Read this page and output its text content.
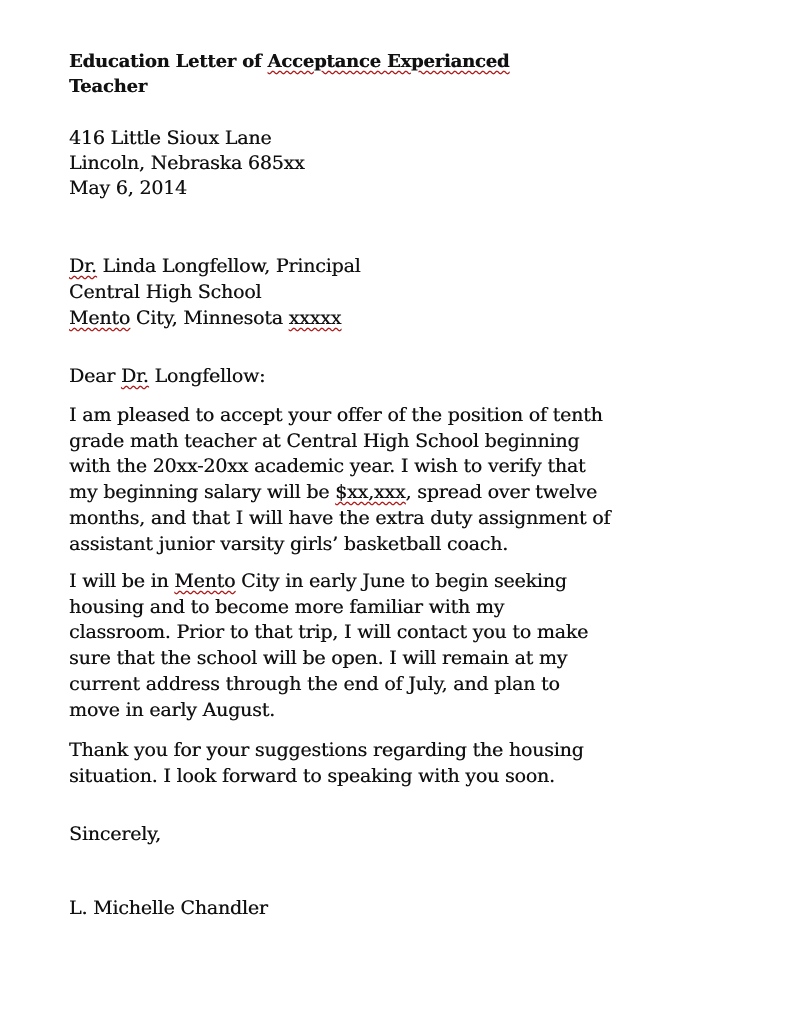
Education Letter of Acceptance Experianced
Teacher
416 Little Sioux Lane
Lincoln, Nebraska 685xx
May 6, 2014
Dr. Linda Longfellow, Principal
Central High School
Mento City, Minnesota xxxxx
Dear Dr. Longfellow:
I am pleased to accept your offer of the position of tenth
grade math teacher at Central High School beginning
with the 20xx-20xx academic year. I wish to verify that
my beginning salary will be $xx,xxx, spread over twelve
months, and that I will have the extra duty assignment of
assistant junior varsity girls’ basketball coach.
I will be in Mento City in early June to begin seeking
housing and to become more familiar with my
classroom. Prior to that trip, I will contact you to make
sure that the school will be open. I will remain at my
current address through the end of July, and plan to
move in early August.
Thank you for your suggestions regarding the housing
situation. I look forward to speaking with you soon.
Sincerely,
L. Michelle Chandler
